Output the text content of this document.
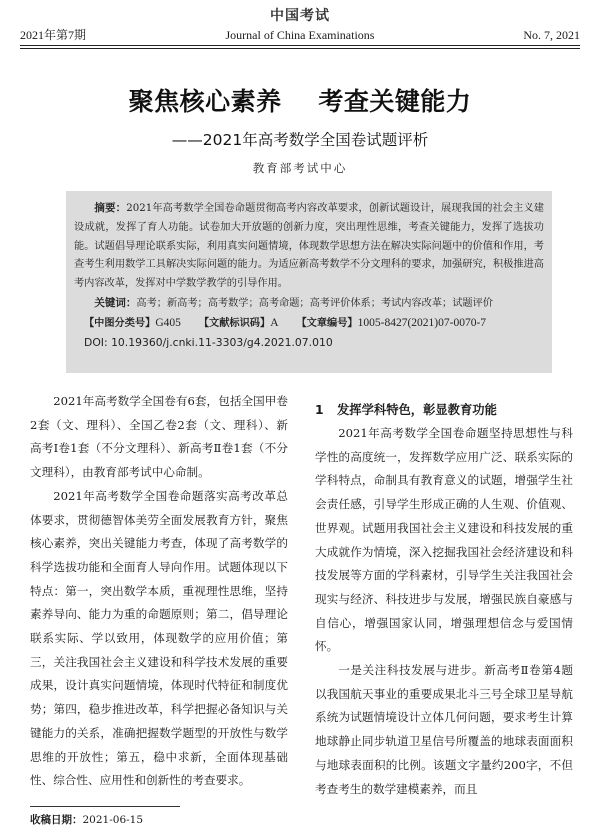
中国考试
2021年第7期	Journal of China Examinations	No. 7, 2021
聚焦核心素养    考查关键能力
——2021年高考数学全国卷试题评析
教育部考试中心

摘要：2021年高考数学全国卷命题贯彻高考内容改革要求，创新试题设计，展现我国的社会主义建设成就，发挥了育人功能。试卷加大开放题的创新力度，突出理性思维，考查关键能力，发挥了选拔功能。试题倡导理论联系实际，利用真实问题情境，体现数学思想方法在解决实际问题中的价值和作用，考查考生利用数学工具解决实际问题的能力。为适应新高考数学不分文理科的要求，加强研究，积极推进高考内容改革，发挥对中学数学教学的引导作用。

关键词：高考；新高考；高考数学；高考命题；高考评价体系；考试内容改革；试题评价

【中图分类号】G405 【文献标识码】A 【文章编号】1005-8427(2021)07-0070-7

DOI: 10.19360/j.cnki.11-3303/g4.2021.07.010

2021年高考数学全国卷有6套，包括全国甲卷2套（文、理科）、全国乙卷2套（文、理科）、新高考Ⅰ卷1套（不分文理科）、新高考Ⅱ卷1套（不分文理科），由教育部考试中心命制。

2021年高考数学全国卷命题落实高考改革总体要求，贯彻德智体美劳全面发展教育方针，聚焦核心素养，突出关键能力考查，体现了高考数学的科学选拔功能和全面育人导向作用。试题体现以下特点：第一，突出数学本质，重视理性思维，坚持素养导向、能力为重的命题原则；第二，倡导理论联系实际、学以致用，体现数学的应用价值；第三，关注我国社会主义建设和科学技术发展的重要成果，设计真实问题情境，体现时代特征和制度优势；第四，稳步推进改革，科学把握必备知识与关键能力的关系，准确把握数学题型的开放性与数学思维的开放性；第五，稳中求新，全面体现基础性、综合性、应用性和创新性的考查要求。

1 发挥学科特色，彰显教育功能

2021年高考数学全国卷命题坚持思想性与科学性的高度统一，发挥数学应用广泛、联系实际的学科特点，命制具有教育意义的试题，增强学生社会责任感，引导学生形成正确的人生观、价值观、世界观。试题用我国社会主义建设和科技发展的重大成就作为情境，深入挖掘我国社会经济建设和科技发展等方面的学科素材，引导学生关注我国社会现实与经济、科技进步与发展，增强民族自豪感与自信心，增强国家认同，增强理想信念与爱国情怀。

一是关注科技发展与进步。新高考Ⅱ卷第4题以我国航天事业的重要成果北斗三号全球卫星导航系统为试题情境设计立体几何问题，要求考生计算地球静止同步轨道卫星信号所覆盖的地球表面面积与地球表面积的比例。该题文字量约200字，不但考查考生的数学建模素养，而且

收稿日期：2021-06-15
